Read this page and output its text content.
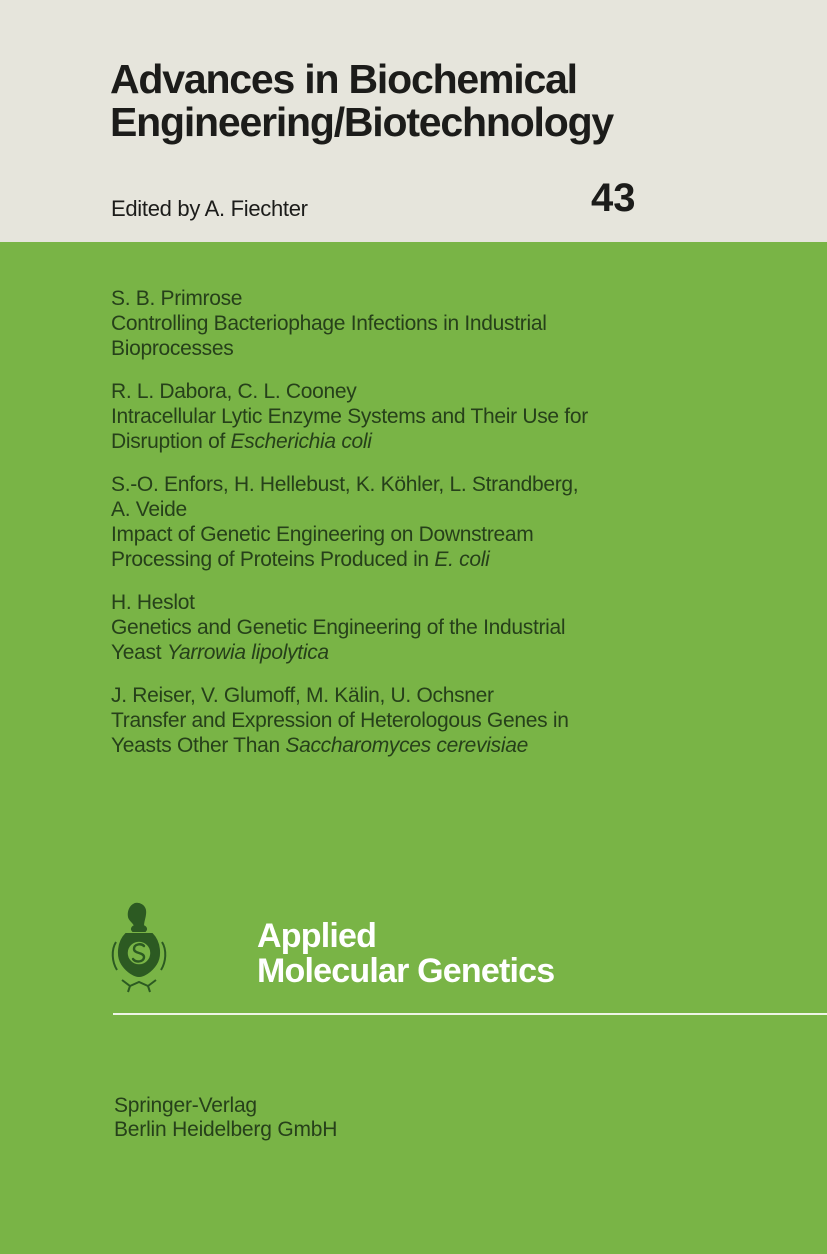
Advances in Biochemical
Engineering/Biotechnology
Edited by A. Fiechter	43
S. B. Primrose
Controlling Bacteriophage Infections in Industrial
Bioprocesses
R. L. Dabora, C. L. Cooney
Intracellular Lytic Enzyme Systems and Their Use for
Disruption of Escherichia coli
S.-O. Enfors, H. Hellebust, K. Köhler, L. Strandberg,
A. Veide
Impact of Genetic Engineering on Downstream
Processing of Proteins Produced in E. coli
H. Heslot
Genetics and Genetic Engineering of the Industrial
Yeast Yarrowia lipolytica
J. Reiser, V. Glumoff, M. Kälin, U. Ochsner
Transfer and Expression of Heterologous Genes in
Yeasts Other Than Saccharomyces cerevisiae
Applied
Molecular Genetics
Springer-Verlag
Berlin Heidelberg GmbH
